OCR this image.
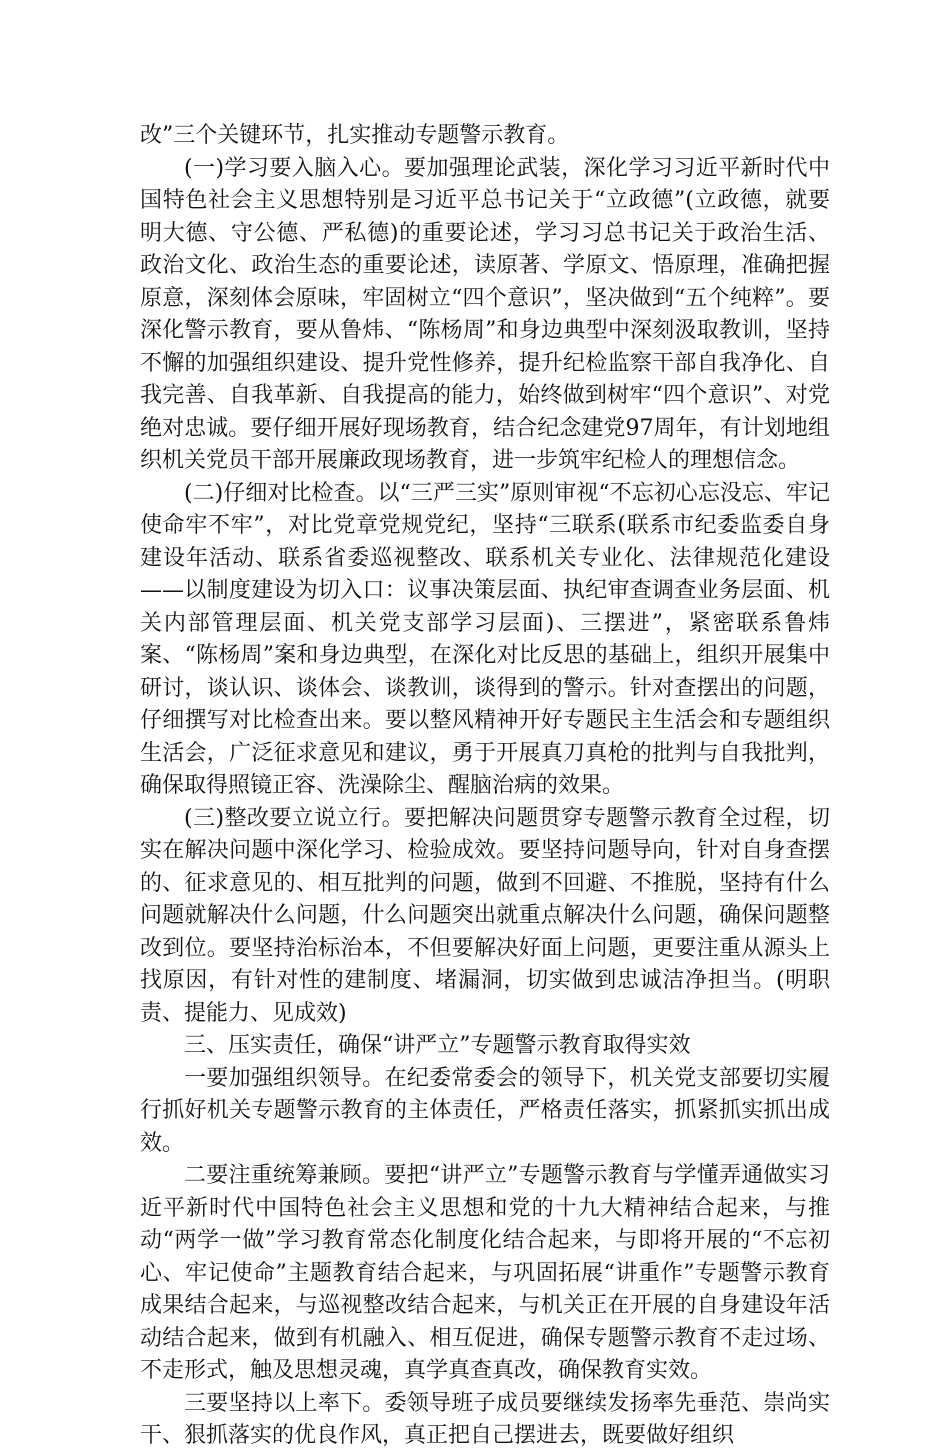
改”三个关键环节，扎实推动专题警示教育。

(一)学习要入脑入心。要加强理论武装，深化学习习近平新时代中国特色社会主义思想特别是习近平总书记关于“立政德”(立政德，就要明大德、守公德、严私德)的重要论述，学习习总书记关于政治生活、政治文化、政治生态的重要论述，读原著、学原文、悟原理，准确把握原意，深刻体会原味，牢固树立“四个意识”，坚决做到“五个纯粹”。要深化警示教育，要从鲁炜、“陈杨周”和身边典型中深刻汲取教训，坚持不懈的加强组织建设、提升党性修养，提升纪检监察干部自我净化、自我完善、自我革新、自我提高的能力，始终做到树牢“四个意识”、对党绝对忠诚。要仔细开展好现场教育，结合纪念建党97周年，有计划地组织机关党员干部开展廉政现场教育，进一步筑牢纪检人的理想信念。

(二)仔细对比检查。以“三严三实”原则审视“不忘初心忘没忘、牢记使命牢不牢”，对比党章党规党纪，坚持“三联系(联系市纪委监委自身建设年活动、联系省委巡视整改、联系机关专业化、法律规范化建设——以制度建设为切入口：议事决策层面、执纪审查调查业务层面、机关内部管理层面、机关党支部学习层面)、三摆进”，紧密联系鲁炜案、“陈杨周”案和身边典型，在深化对比反思的基础上，组织开展集中研讨，谈认识、谈体会、谈教训，谈得到的警示。针对查摆出的问题，仔细撰写对比检查出来。要以整风精神开好专题民主生活会和专题组织生活会，广泛征求意见和建议，勇于开展真刀真枪的批判与自我批判，确保取得照镜正容、洗澡除尘、醒脑治病的效果。

(三)整改要立说立行。要把解决问题贯穿专题警示教育全过程，切实在解决问题中深化学习、检验成效。要坚持问题导向，针对自身查摆的、征求意见的、相互批判的问题，做到不回避、不推脱，坚持有什么问题就解决什么问题，什么问题突出就重点解决什么问题，确保问题整改到位。要坚持治标治本，不但要解决好面上问题，更要注重从源头上找原因，有针对性的建制度、堵漏洞，切实做到忠诚洁净担当。(明职责、提能力、见成效)

三、压实责任，确保“讲严立”专题警示教育取得实效

一要加强组织领导。在纪委常委会的领导下，机关党支部要切实履行抓好机关专题警示教育的主体责任，严格责任落实，抓紧抓实抓出成效。

二要注重统筹兼顾。要把“讲严立”专题警示教育与学懂弄通做实习近平新时代中国特色社会主义思想和党的十九大精神结合起来，与推动“两学一做”学习教育常态化制度化结合起来，与即将开展的“不忘初心、牢记使命”主题教育结合起来，与巩固拓展“讲重作”专题警示教育成果结合起来，与巡视整改结合起来，与机关正在开展的自身建设年活动结合起来，做到有机融入、相互促进，确保专题警示教育不走过场、不走形式，触及思想灵魂，真学真查真改，确保教育实效。

三要坚持以上率下。委领导班子成员要继续发扬率先垂范、崇尚实干、狠抓落实的优良作风，真正把自己摆进去，既要做好组织
